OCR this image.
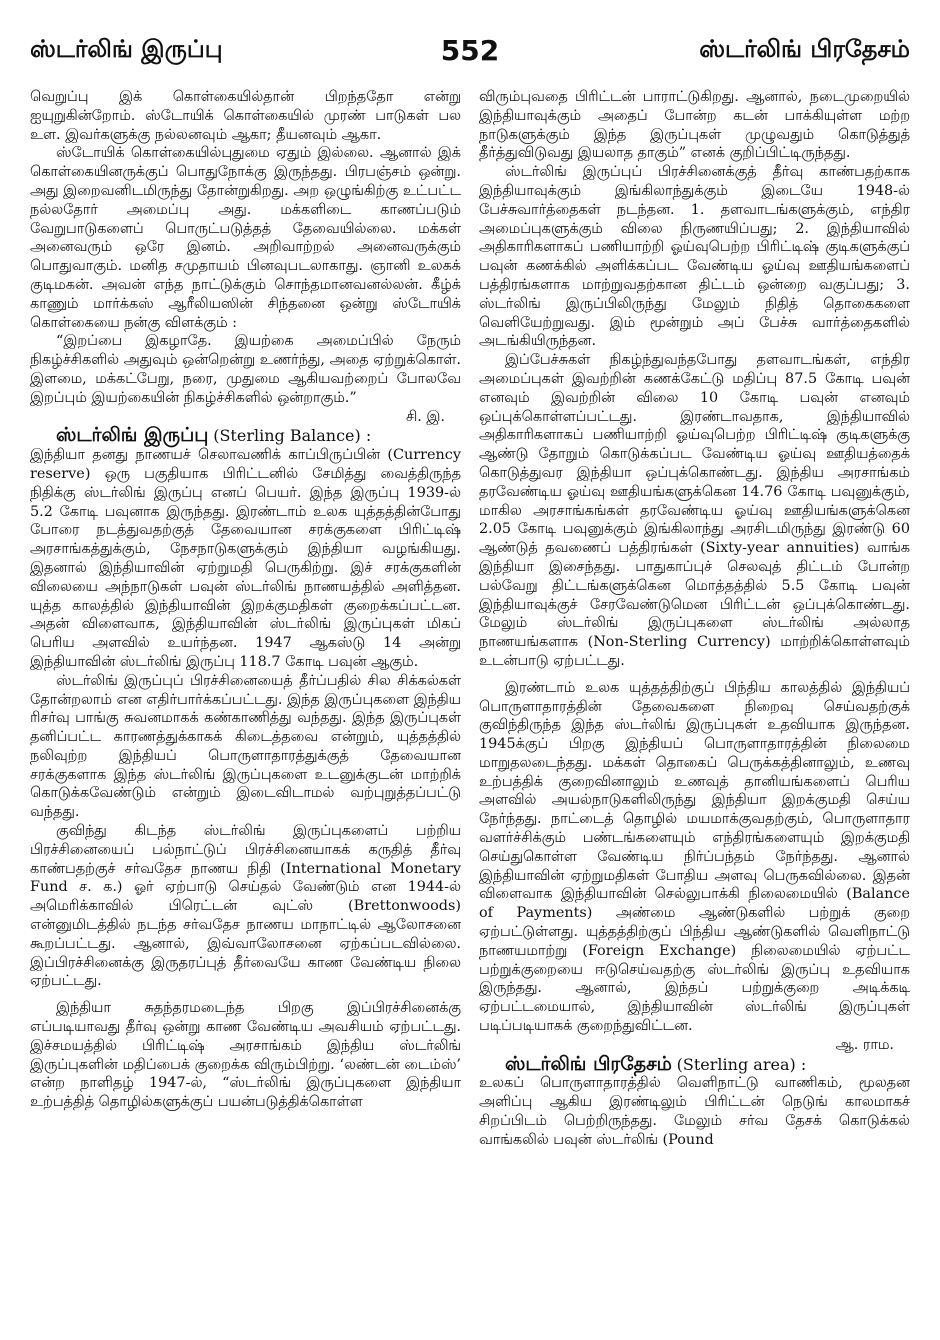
ஸ்டர்லிங் இருப்பு	552	ஸ்டர்லிங் பிரதேசம்

வெறுப்பு இக் கொள்கையில்தான் பிறந்ததோ என்று ஐயுறுகின்றோம். ஸ்டோயிக் கொள்கையில் முரண் பாடுகள் பல உள. இவர்களுக்கு நல்லனவும் ஆகா; தீயனவும் ஆகா.

ஸ்டோயிக் கொள்கையில்புதுமை ஏதும் இல்லை. ஆனால் இக் கொள்கையினருக்குப் பொதுநோக்கு இருந்தது. பிரபஞ்சம் ஒன்று. அது இறைவனிடமிருந்து தோன்றுகிறது. அற ஒழுங்கிற்கு உட்பட்ட நல்லதோர் அமைப்பு அது. மக்களிடை காணப்படும் வேறுபாடுகளைப் பொருட்படுத்தத் தேவையில்லை. மக்கள் அனைவரும் ஒரே இனம். அறிவாற்றல் அனைவருக்கும் பொதுவாகும். மனித சமுதாயம் பினவுபடலாகாது. ஞானி உலகக் குடிமகன். அவன் எந்த நாட்டுக்கும் சொந்தமானவனல்லன். கீழ்க் காணும் மார்க்கஸ் ஆரீலியஸின் சிந்தனை ஒன்று ஸ்டோயிக் கொள்கையை நன்கு விளக்கும் :

“இறப்பை இகழாதே. இயற்கை அமைப்பில் நேரும் நிகழ்ச்சிகளில் அதுவும் ஒன்றென்று உணர்ந்து, அதை ஏற்றுக்கொள். இளமை, மக்கட்பேறு, நரை, முதுமை ஆகியவற்றைப் போலவே இறப்பும் இயற்கையின் நிகழ்ச்சிகளில் ஒன்றாகும்.”

சி. இ.

ஸ்டர்லிங் இருப்பு (Sterling Balance) :

இந்தியா தனது நாணயச் செலாவணிக் காப்பிருப்பின் (Currency reserve) ஒரு பகுதியாக பிரிட்டனில் சேமித்து வைத்திருந்த நிதிக்கு ஸ்டர்லிங் இருப்பு எனப் பெயர். இந்த இருப்பு 1939-ல் 5.2 கோடி பவுனாக இருந்தது. இரண்டாம் உலக யுத்தத்தின்போது போரை நடத்துவதற்குத் தேவையான சரக்குகளை பிரிட்டிஷ் அரசாங்கத்துக்கும், நேசநாடுகளுக்கும் இந்தியா வழங்கியது. இதனால் இந்தியாவின் ஏற்றுமதி பெருகிற்று. இச் சரக்குகளின் விலையை அந்நாடுகள் பவுன் ஸ்டர்லிங் நாணயத்தில் அளித்தன. யுத்த காலத்தில் இந்தியாவின் இறக்குமதிகள் குறைக்கப்பட்டன. அதன் விளைவாக, இந்தியாவின் ஸ்டர்லிங் இருப்புகள் மிகப் பெரிய அளவில் உயர்ந்தன. 1947 ஆகஸ்டு 14 அன்று இந்தியாவின் ஸ்டர்லிங் இருப்பு 118.7 கோடி பவுன் ஆகும்.

ஸ்டர்லிங் இருப்புப் பிரச்சினையைத் தீர்ப்பதில் சில சிக்கல்கள் தோன்றலாம் என எதிர்பார்க்கப்பட்டது. இந்த இருப்புகளை இந்திய ரிசர்வு பாங்கு சுவனமாகக் கண்காணித்து வந்தது. இந்த இருப்புகள் தனிப்பட்ட காரணத்துக்காகக் கிடைத்தவை என்றும், யுத்தத்தில் நலிவுற்ற இந்தியப் பொருளாதாரத்துக்குத் தேவையான சரக்குகளாக இந்த ஸ்டர்லிங் இருப்புகளை உடனுக்குடன் மாற்றிக் கொடுக்கவேண்டும் என்றும் இடைவிடாமல் வற்புறுத்தப்பட்டு வந்தது.

குவிந்து கிடந்த ஸ்டர்லிங் இருப்புகளைப் பற்றிய பிரச்சினையைப் பல்நாட்டுப் பிரச்சினையாகக் கருதித் தீர்வு காண்பதற்குச் சர்வதேச நாணய நிதி (International Monetary Fund ச. க.) ஓர் ஏற்பாடு செய்தல் வேண்டும் என 1944-ல் அமெரிக்காவில் பிரெட்டன் வுட்ஸ் (Brettonwoods) என்னுமிடத்தில் நடந்த சர்வதேச நாணய மாநாட்டில் ஆலோசனை கூறப்பட்டது. ஆனால், இவ்வாலோசனை ஏற்கப்படவில்லை. இப்பிரச்சினைக்கு இருதரப்புத் தீர்வையே காண வேண்டிய நிலை ஏற்பட்டது.

இந்தியா சுதந்தரமடைந்த பிறகு இப்பிரச்சினைக்கு எப்படியாவது தீர்வு ஒன்று காண வேண்டிய அவசியம் ஏற்பட்டது. இச்சமயத்தில் பிரிட்டிஷ் அரசாங்கம் இந்திய ஸ்டர்லிங் இருப்புகளின் மதிப்பைக் குறைக்க விரும்பிற்று. ‘லண்டன் டைம்ஸ்’ என்ற நாளிதழ் 1947-ல், “ஸ்டர்லிங் இருப்புகளை இந்தியா உற்பத்தித் தொழில்களுக்குப் பயன்படுத்திக்கொள்ள

விரும்புவதை பிரிட்டன் பாராட்டுகிறது. ஆனால், நடைமுறையில் இந்தியாவுக்கும் அதைப் போன்ற கடன் பாக்கியுள்ள மற்ற நாடுகளுக்கும் இந்த இருப்புகள் முழுவதும் கொடுத்துத் தீர்த்துவிடுவது இயலாத தாகும்” எனக் குறிப்பிட்டிருந்தது.

ஸ்டர்லிங் இருப்புப் பிரச்சினைக்குத் தீர்வு காண்பதற்காக இந்தியாவுக்கும் இங்கிலாந்துக்கும் இடையே 1948-ல் பேச்சுவார்த்தைகள் நடந்தன. 1. தளவாடங்களுக்கும், எந்திர அமைப்புகளுக்கும் விலை நிருணயிப்பது; 2. இந்தியாவில் அதிகாரிகளாகப் பணியாற்றி ஓய்வுபெற்ற பிரிட்டிஷ் குடிகளுக்குப் பவுன் கணக்கில் அளிக்கப்பட வேண்டிய ஓய்வு ஊதியங்களைப் பத்திரங்களாக மாற்றுவதற்கான திட்டம் ஒன்றை வகுப்பது; 3. ஸ்டர்லிங் இருப்பிலிருந்து மேலும் நிதித் தொகைகளை வெளியேற்றுவது. இம் மூன்றும் அப் பேச்சு வார்த்தைகளில் அடங்கியிருந்தன.

இப்பேச்சுகள் நிகழ்ந்துவந்தபோது தளவாடங்கள், எந்திர அமைப்புகள் இவற்றின் கணக்கேட்டு மதிப்பு 87.5 கோடி பவுன் எனவும் இவற்றின் விலை 10 கோடி பவுன் எனவும் ஒப்புக்கொள்ளப்பட்டது. இரண்டாவதாக, இந்தியாவில் அதிகாரிகளாகப் பணியாற்றி ஓய்வுபெற்ற பிரிட்டிஷ் குடிகளுக்கு ஆண்டு தோறும் கொடுக்கப்பட வேண்டிய ஓய்வு ஊதியத்தைக் கொடுத்துவர இந்தியா ஒப்புக்கொண்டது. இந்திய அரசாங்கம் தரவேண்டிய ஓய்வு ஊதியங்களுக்கென 14.76 கோடி பவுனுக்கும், மாகில அரசாங்கங்கள் தரவேண்டிய ஓய்வு ஊதியங்களுக்கென 2.05 கோடி பவுனுக்கும் இங்கிலாந்து அரசிடமிருந்து இரண்டு 60 ஆண்டுத் தவணைப் பத்திரங்கள் (Sixty-year annuities) வாங்க இந்தியா இசைந்தது. பாதுகாப்புச் செலவுத் திட்டம் போன்ற பல்வேறு திட்டங்களுக்கென மொத்தத்தில் 5.5 கோடி பவுன் இந்தியாவுக்குச் சேரவேண்டுமென பிரிட்டன் ஒப்புக்கொண்டது. மேலும் ஸ்டர்லிங் இருப்புகளை ஸ்டர்லிங் அல்லாத நாணயங்களாக (Non-Sterling Currency) மாற்றிக்கொள்ளவும் உடன்பாடு ஏற்பட்டது.

இரண்டாம் உலக யுத்தத்திற்குப் பிந்திய காலத்தில் இந்தியப் பொருளாதாரத்தின் தேவைகளை நிறைவு செய்வதற்குக் குவிந்திருந்த இந்த ஸ்டர்லிங் இருப்புகள் உதவியாக இருந்தன. 1945க்குப் பிறகு இந்தியப் பொருளாதாரத்தின் நிலைமை மாறுதலடைந்தது. மக்கள் தொகைப் பெருக்கத்தினாலும், உணவு உற்பத்திக் குறைவினாலும் உணவுத் தானியங்களைப் பெரிய அளவில் அயல்நாடுகளிலிருந்து இந்தியா இறக்குமதி செய்ய நேர்ந்தது. நாட்டைத் தொழில் மயமாக்குவதற்கும், பொருளாதார வளர்ச்சிக்கும் பண்டங்களையும் எந்திரங்களையும் இறக்குமதி செய்துகொள்ள வேண்டிய நிர்ப்பந்தம் நேர்ந்தது. ஆனால் இந்தியாவின் ஏற்றுமதிகள் போதிய அளவு பெருகவில்லை. இதன் விளைவாக இந்தியாவின் செல்லுபாக்கி நிலைமையில் (Balance of Payments) அண்மை ஆண்டுகளில் பற்றுக் குறை ஏற்பட்டுள்ளது. யுத்தத்திற்குப் பிந்திய ஆண்டுகளில் வெளிநாட்டு நாணயமாற்று (Foreign Exchange) நிலைமையில் ஏற்பட்ட பற்றுக்குறையை ஈடுசெய்வதற்கு ஸ்டர்லிங் இருப்பு உதவியாக இருந்தது. ஆனால், இந்தப் பற்றுக்குறை அடிக்கடி ஏற்பட்டமையால், இந்தியாவின் ஸ்டர்லிங் இருப்புகள் படிப்படியாகக் குறைந்துவிட்டன.

ஆ. ராம.

ஸ்டர்லிங் பிரதேசம் (Sterling area) :

உலகப் பொருளாதாரத்தில் வெளிநாட்டு வாணிகம், மூலதன அளிப்பு ஆகிய இரண்டிலும் பிரிட்டன் நெடுங் காலமாகச் சிறப்பிடம் பெற்றிருந்தது. மேலும் சர்வ தேசக் கொடுக்கல் வாங்கலில் பவுன் ஸ்டர்லிங் (Pound
